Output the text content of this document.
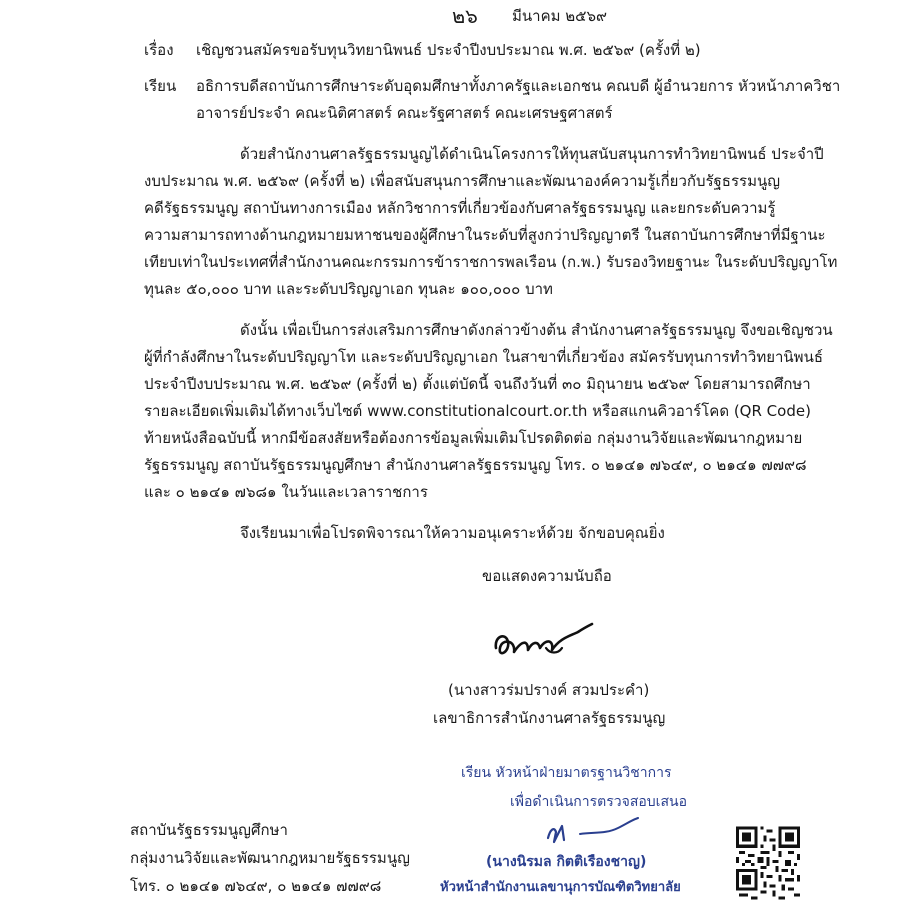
๒๖ มีนาคม ๒๕๖๙
เรื่อง เชิญชวนสมัครขอรับทุนวิทยานิพนธ์ ประจำปีงบประมาณ พ.ศ. ๒๕๖๙ (ครั้งที่ ๒)
เรียน อธิการบดีสถาบันการศึกษาระดับอุดมศึกษาทั้งภาครัฐและเอกชน คณบดี ผู้อำนวยการ หัวหน้าภาควิชา
อาจารย์ประจำ คณะนิติศาสตร์ คณะรัฐศาสตร์ คณะเศรษฐศาสตร์
ด้วยสำนักงานศาลรัฐธรรมนูญได้ดำเนินโครงการให้ทุนสนับสนุนการทำวิทยานิพนธ์ ประจำปี
งบประมาณ พ.ศ. ๒๕๖๙ (ครั้งที่ ๒) เพื่อสนับสนุนการศึกษาและพัฒนาองค์ความรู้เกี่ยวกับรัฐธรรมนูญ
คดีรัฐธรรมนูญ สถาบันทางการเมือง หลักวิชาการที่เกี่ยวข้องกับศาลรัฐธรรมนูญ และยกระดับความรู้
ความสามารถทางด้านกฎหมายมหาชนของผู้ศึกษาในระดับที่สูงกว่าปริญญาตรี ในสถาบันการศึกษาที่มีฐานะ
เทียบเท่าในประเทศที่สำนักงานคณะกรรมการข้าราชการพลเรือน (ก.พ.) รับรองวิทยฐานะ ในระดับปริญญาโท
ทุนละ ๕๐,๐๐๐ บาท และระดับปริญญาเอก ทุนละ ๑๐๐,๐๐๐ บาท
ดังนั้น เพื่อเป็นการส่งเสริมการศึกษาดังกล่าวข้างต้น สำนักงานศาลรัฐธรรมนูญ จึงขอเชิญชวน
ผู้ที่กำลังศึกษาในระดับปริญญาโท และระดับปริญญาเอก ในสาขาที่เกี่ยวข้อง สมัครรับทุนการทำวิทยานิพนธ์
ประจำปีงบประมาณ พ.ศ. ๒๕๖๙ (ครั้งที่ ๒) ตั้งแต่บัดนี้ จนถึงวันที่ ๓๐ มิถุนายน ๒๕๖๙ โดยสามารถศึกษา
รายละเอียดเพิ่มเติมได้ทางเว็บไซต์ www.constitutionalcourt.or.th หรือสแกนคิวอาร์โคด (QR Code)
ท้ายหนังสือฉบับนี้ หากมีข้อสงสัยหรือต้องการข้อมูลเพิ่มเติมโปรดติดต่อ กลุ่มงานวิจัยและพัฒนากฎหมาย
รัฐธรรมนูญ สถาบันรัฐธรรมนูญศึกษา สำนักงานศาลรัฐธรรมนูญ โทร. ๐ ๒๑๔๑ ๗๖๔๙, ๐ ๒๑๔๑ ๗๗๙๘
และ ๐ ๒๑๔๑ ๗๖๘๑ ในวันและเวลาราชการ
จึงเรียนมาเพื่อโปรดพิจารณาให้ความอนุเคราะห์ด้วย จักขอบคุณยิ่ง
ขอแสดงความนับถือ
(นางสาวร่มปรางค์ สวมประคำ)
เลขาธิการสำนักงานศาลรัฐธรรมนูญ
เรียน หัวหน้าฝ่ายมาตรฐานวิชาการ
เพื่อดำเนินการตรวจสอบเสนอ
(นางนิรมล กิตติเรืองชาญ)
หัวหน้าสำนักงานเลขานุการบัณฑิตวิทยาลัย
สถาบันรัฐธรรมนูญศึกษา
กลุ่มงานวิจัยและพัฒนากฎหมายรัฐธรรมนูญ
โทร. ๐ ๒๑๔๑ ๗๖๔๙, ๐ ๒๑๔๑ ๗๗๙๘
